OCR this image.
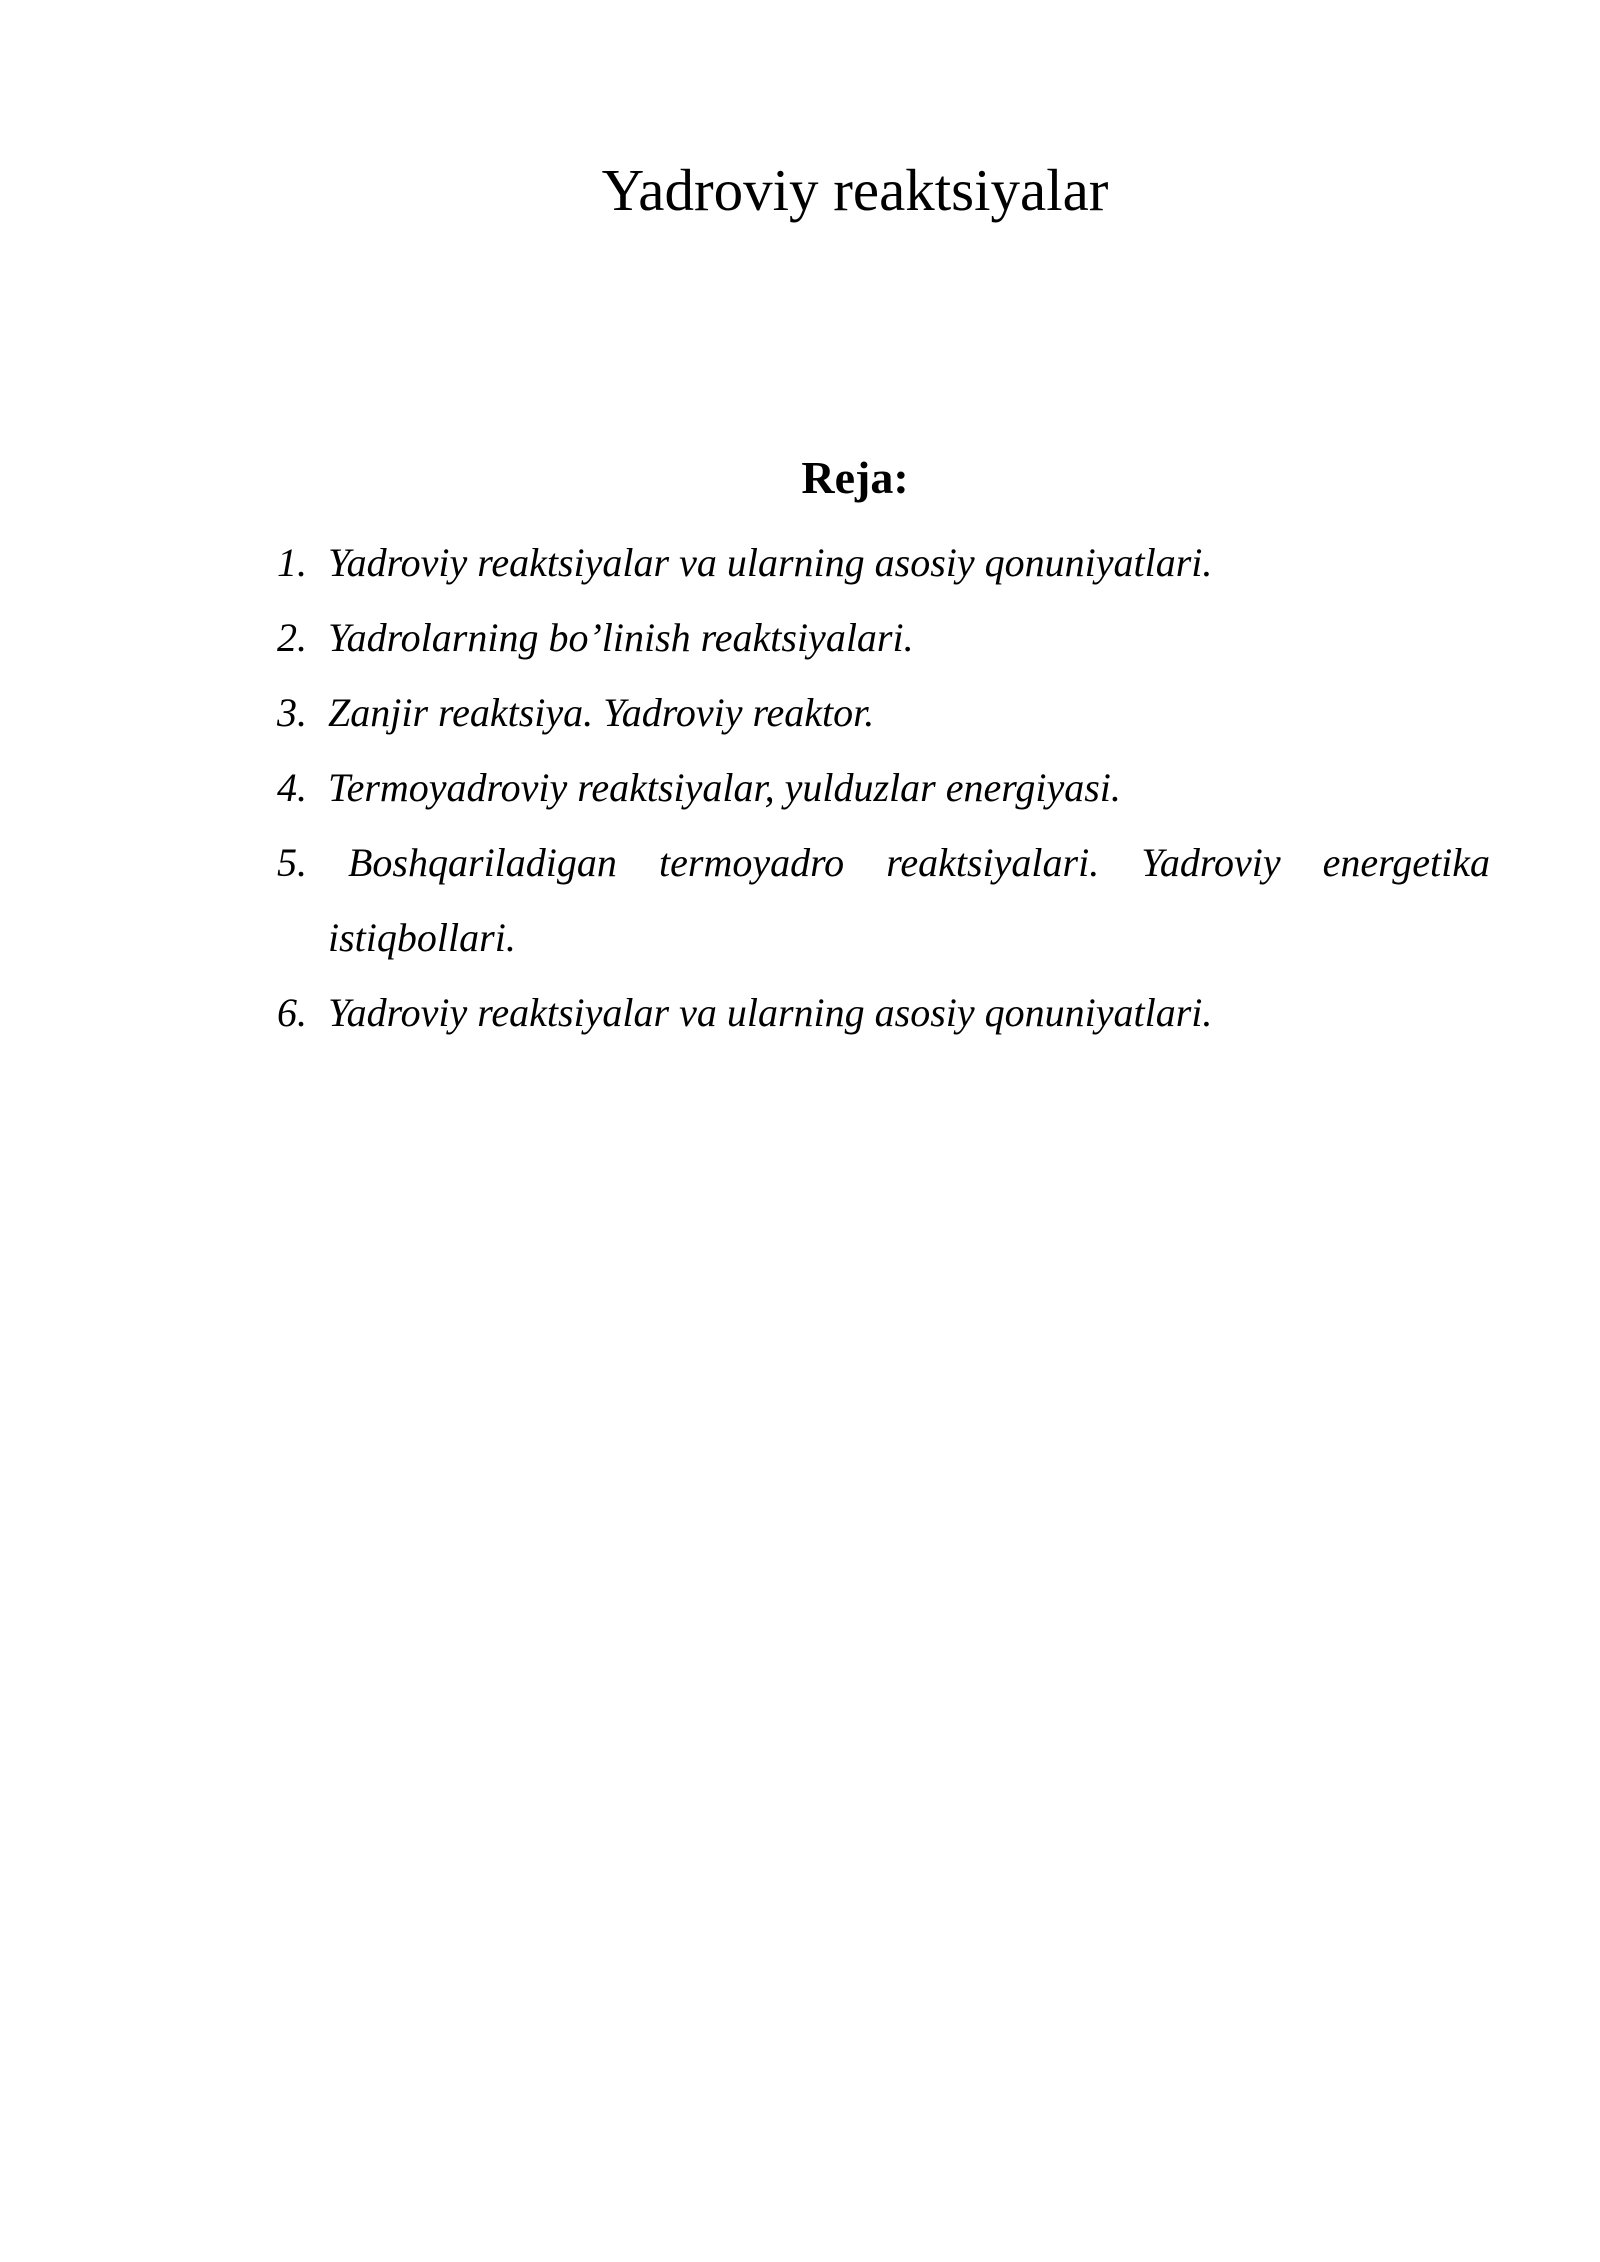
Yadroviy reaktsiyalar
Reja:
1. Yadroviy reaktsiyalar va ularning asosiy qonuniyatlari.
2. Yadrolarning bo’linish reaktsiyalari.
3. Zanjir reaktsiya. Yadroviy reaktor.
4. Termoyadroviy reaktsiyalar, yulduzlar energiyasi.
5. Boshqariladigan termoyadro reaktsiyalari. Yadroviy energetika istiqbollari.
6. Yadroviy reaktsiyalar va ularning asosiy qonuniyatlari.
